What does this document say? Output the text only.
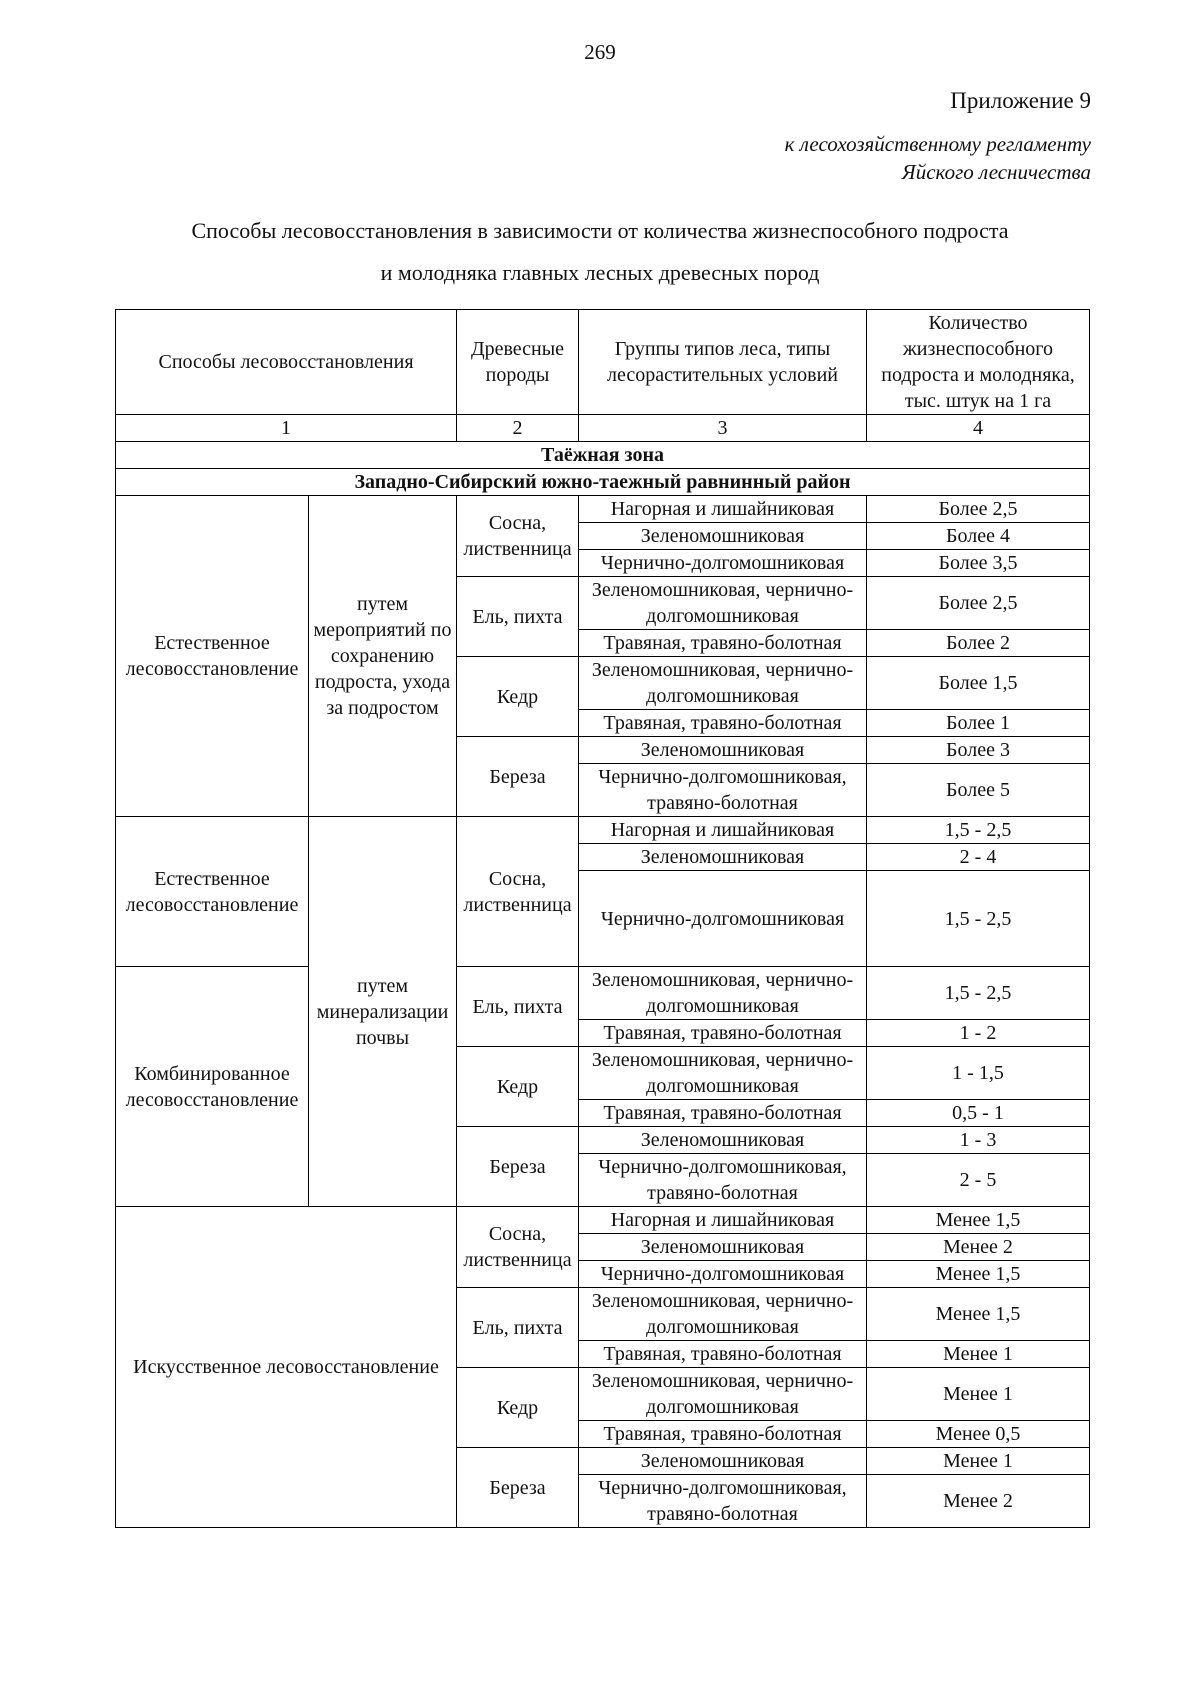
269
Приложение 9
к лесохозяйственному регламенту
Яйского лесничества
Способы лесовосстановления в зависимости от количества жизнеспособного подроста
и молодняка главных лесных древесных пород
Способы лесовосстановления		Древесные породы	Группы типов леса, типы лесорастительных условий	Количество жизнеспособного подроста и молодняка, тыс. штук на 1 га
1		2	3	4
Таёжная зона				
Западно-Сибирский южно-таежный равнинный район				
Естественное лесовосстановление	путем мероприятий по сохранению подроста, ухода за подростом	Сосна, лиственница	Нагорная и лишайниковая	Более 2,5
			Зеленомошниковая	Более 4
			Чернично-долгомошниковая	Более 3,5
		Ель, пихта	Зеленомошниковая, чернично-долгомошниковая	Более 2,5
			Травяная, травяно-болотная	Более 2
		Кедр	Зеленомошниковая, чернично-долгомошниковая	Более 1,5
			Травяная, травяно-болотная	Более 1
		Береза	Зеленомошниковая	Более 3
			Чернично-долгомошниковая, травяно-болотная	Более 5
Естественное лесовосстановление	путем минерализации почвы	Сосна, лиственница	Нагорная и лишайниковая	1,5 - 2,5
			Зеленомошниковая	2 - 4
			Чернично-долгомошниковая	1,5 - 2,5
Комбинированное лесовосстановление		Ель, пихта	Зеленомошниковая, чернично-долгомошниковая	1,5 - 2,5
			Травяная, травяно-болотная	1 - 2
		Кедр	Зеленомошниковая, чернично-долгомошниковая	1 - 1,5
			Травяная, травяно-болотная	0,5 - 1
		Береза	Зеленомошниковая	1 - 3
			Чернично-долгомошниковая, травяно-болотная	2 - 5
Искусственное лесовосстановление		Сосна, лиственница	Нагорная и лишайниковая	Менее 1,5
			Зеленомошниковая	Менее 2
			Чернично-долгомошниковая	Менее 1,5
		Ель, пихта	Зеленомошниковая, чернично-долгомошниковая	Менее 1,5
			Травяная, травяно-болотная	Менее 1
		Кедр	Зеленомошниковая, чернично-долгомошниковая	Менее 1
			Травяная, травяно-болотная	Менее 0,5
		Береза	Зеленомошниковая	Менее 1
			Чернично-долгомошниковая, травяно-болотная	Менее 2
